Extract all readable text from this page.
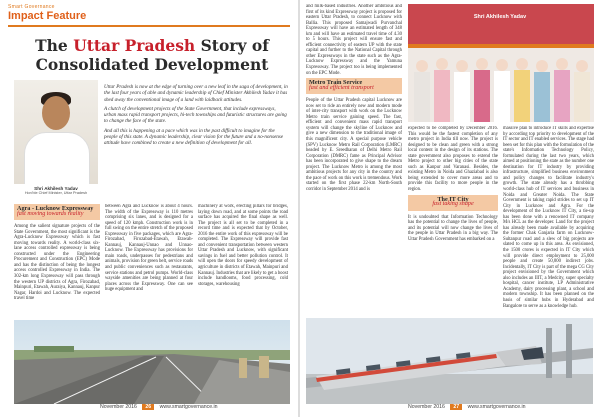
Smart Governance
Impact Feature
The Uttar Pradesh Story of Consolidated Development
Shri Akhilesh Yadav
Hon'ble Chief Minister, Uttar Pradesh

Uttar Pradesh is now at the edge of turning over a new leaf in the saga of development, in the last four years of able and dynamic leadership of Chief Minister Akhilesh Yadav it has shed away the conventional image of a land with laidback attitudes.

A clutch of development projects of the State Government, that include expressways, urban mass rapid transport projects, hi-tech townships and futuristic structures are going to change the face of the state.

And all this is happening at a pace which was in the past difficult to imagine for the people of this state. A dynamic leadership, clear vision for the future and a no-nonsense attitude have combined to create a new definition of development for all.

Agra - Lucknow Expressway
fast moving towards reality

Among the salient signature projects of the State Government, the most significant is the Agra-Lucknow Expressway which is fast moving towards reality. A world-class six-lane access controlled expressway is being constructed under the Engineering Procurement and Construction (EPC) Mode and has the distinction of being the longest access controlled Expressway in India. The 302-km long Expressway will pass through the western UP districts of Agra, Firozabad, Mainpuri, Etawah, Auraiya, Kannauj, Kanpur Nagar, Hardoi and Lucknow. The expected travel time

between Agra and Lucknow is about 4 hours. The width of the Expressway is 110 metres comprising six lanes, and is designed for a speed of 120 kmph. Construction work is in full swing on the entire stretch of the proposed Expressway in five packages, which are Agra-Firozabad, Firozabad-Etawah, Etawah-Kannauj, Kannauj-Unnao and Unnao-Lucknow. The Expressway has provisions for main roads, underpasses for pedestrians and animals, provision for green belt, service roads and public conveniences such as restaurants, service stations and petrol pumps. World-class wayside amenities are being planned at four places across the Expressway. One can see huge equipment and

machinery at work, erecting pillars for bridges, laying down road, and at some points the road surface has acquired the final shape as well. The project is all set to be completed in a record time and is expected that by October, 2016 the entire work of this expressway will be completed. The Expressway will provide fast and convenient transportation between western Uttar Pradesh and Lucknow, with significant savings in fuel and better pollution control. It will open the doors for speedy development of agriculture in districts of Etawah, Mainpuri and Kannauj. Industries that are likely to get a boost include handlooms, food processing, cold storages, warehousing

November 2016 26 www.smartgovernance.in

and milk-based industries. Another ambitious and first of its kind Expressway project is proposed for eastern Uttar Pradesh, to connect Lucknow with Ballia. This proposed Samajwadi Purvanchal Expressway will have an estimated length of 348 km and will have an estimated travel time of 4.30 to 5 hours. This project will ensure fast and efficient connectivity of eastern UP with the state capital and further to the National Capital through other Expressways in the state such as the Agra-Lucknow Expressway and the Yamuna Expressway. The project too is being implemented on the EPC Mode.

Metro Train Service
fast and efficient transport

People of the Uttar Pradesh capital Lucknow are now set to ride an entirely new and modern mode of inter-city transport with work on the Lucknow Metro train service gaining speed. The fast, efficient and convenient mass rapid transport system will change the skyline of Lucknow and give a new dimension to the traditional image of this magnificent city. A special purpose vehicle (SPV) Lucknow Metro Rail Corporation (LMRC) headed by E. Sreedharan of Delhi Metro Rail Corporation (DMRC) fame as Principal Advisor has been incorporated to give shape to the dream project. The Lucknow Metro is among the most ambitious projects for any city in the country and the pace of work on this work is tremendous. Work started on the first phase 22-km North-South corridor in September 2014 and is

Shri Akhilesh Yadav

expected to be completed by December 2016. This would be the fastest completion of any metro project in India till now. The project is designed to be clean and green with a strong local content in the design of its stations. The state government also proposes to extend the Metro project to other big cities of the state such as Kanpur and Varanasi. Besides, the existing Metro in Noida and Ghaziabad is also being extended to cover more areas and to provide this facility to more people in the region.

The IT City
fast taking shape

It is undoubted that Information Technology has the potential to change the lives of people, and its potential will now change the lives of the people in Uttar Pradesh in a big way. The Uttar Pradesh Government has embarked on a

massive plan to introduce IT skills and expertise by according top priority to development of the IT sector and IT enabled services. The stage had been set for this plan with the formulation of the state's Information Technology Policy, formulated during the last two years, which aimed at positioning the state as the number one destination for IT industry by providing infrastructure, simplified business environment and policy changes to facilitate industry's growth. The state already has a throbbing world-class hub of IT services and business in Noida and Greater Noida. The State Government is taking rapid strides to set up IT City in Lucknow and Agra. For the development of the Lucknow IT City, a tie-up has been done with a renowned IT company M/s HCL as the developer. Land for the project has already been made available by acquiring the former Chak Ganjaria farm on Lucknow-Sultanpur road and a slew of big projects are slated to come up in this area. As envisioned, the 1500 crores is expected in IT City which will provide direct employment to 25,000 people and create 50,000 indirect jobs. Incidentally, IT City is part of the mega CG City project envisioned by the Government which also includes an IIIT, a Medcity, super specialty hospital, cancer institute, LP Administrative Academy, dairy processing plant, a school and modern township. It has been planned on the basis of similar hubs in Hyderabad and Bangalore to serve as a knowledge hub.

November 2016 27 www.smartgovernance.in
